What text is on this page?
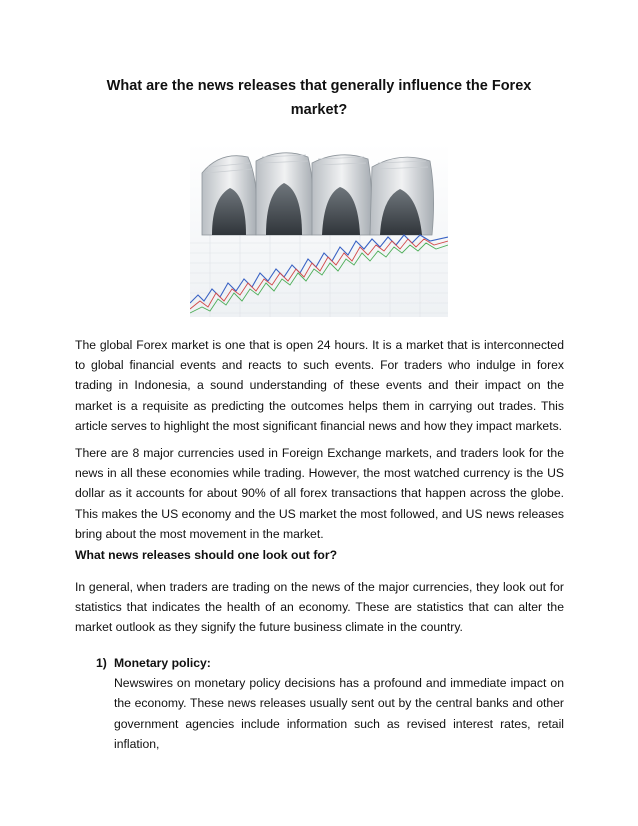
What are the news releases that generally influence the Forex market?

The global Forex market is one that is open 24 hours. It is a market that is interconnected to global financial events and reacts to such events. For traders who indulge in forex trading in Indonesia, a sound understanding of these events and their impact on the market is a requisite as predicting the outcomes helps them in carrying out trades. This article serves to highlight the most significant financial news and how they impact markets.

There are 8 major currencies used in Foreign Exchange markets, and traders look for the news in all these economies while trading. However, the most watched currency is the US dollar as it accounts for about 90% of all forex transactions that happen across the globe. This makes the US economy and the US market the most followed, and US news releases bring about the most movement in the market.

What news releases should one look out for?

In general, when traders are trading on the news of the major currencies, they look out for statistics that indicates the health of an economy. These are statistics that can alter the market outlook as they signify the future business climate in the country.

1) Monetary policy:

Newswires on monetary policy decisions has a profound and immediate impact on the economy. These news releases usually sent out by the central banks and other government agencies include information such as revised interest rates, retail inflation,
